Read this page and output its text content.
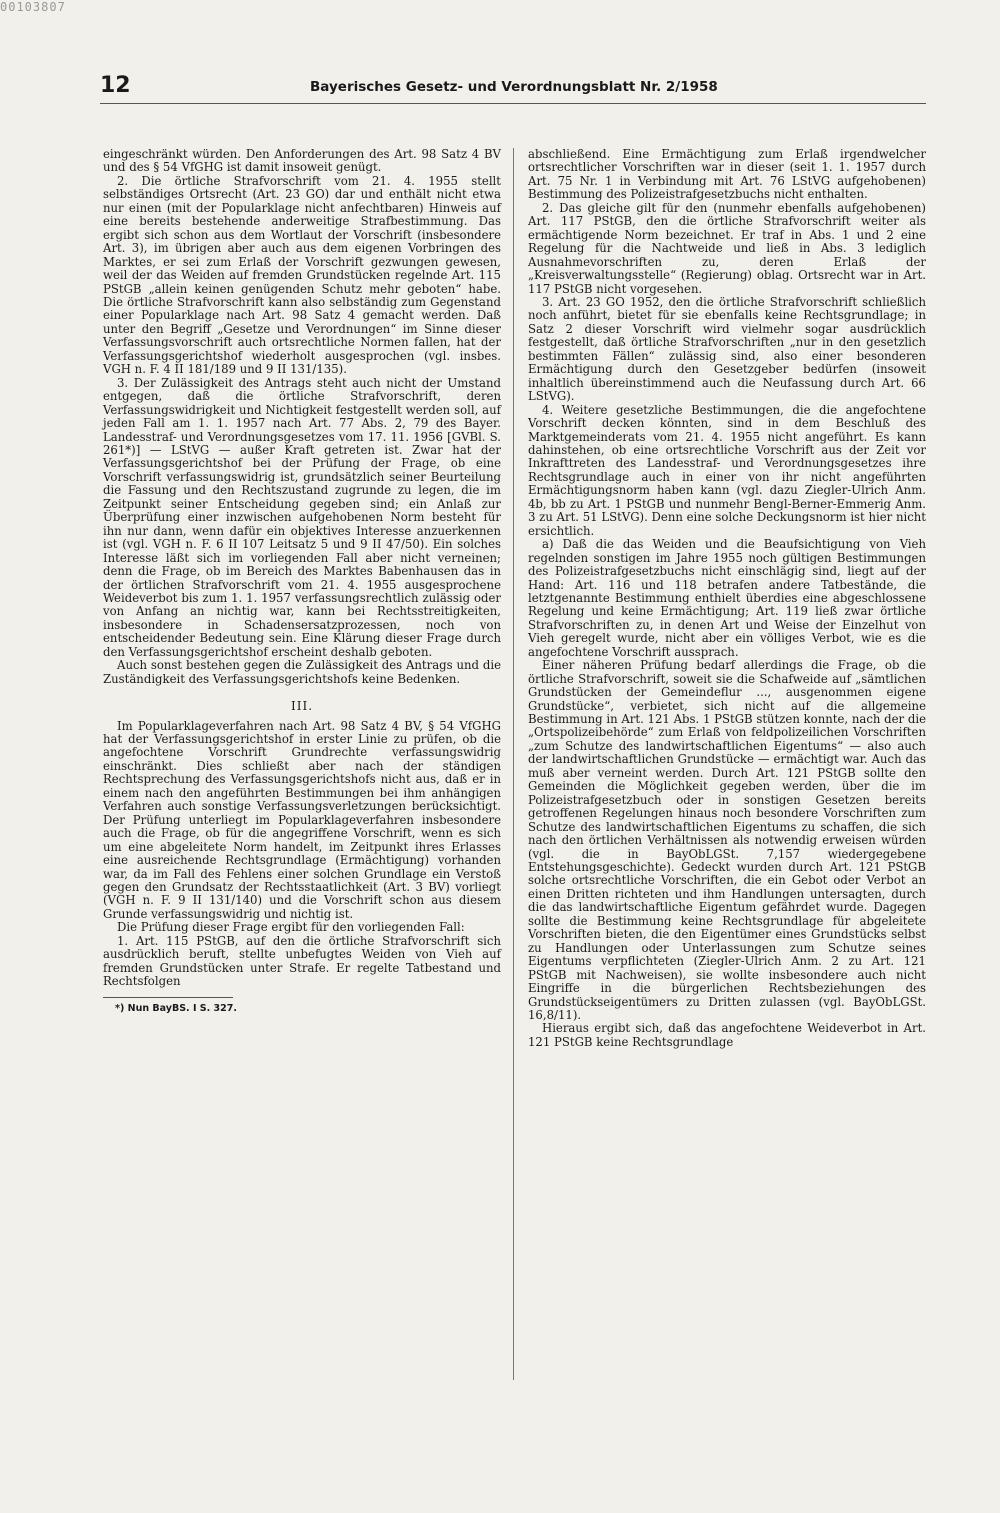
00103807
12	Bayerisches Gesetz- und Verordnungsblatt Nr. 2/1958

eingeschränkt würden. Den Anforderungen des Art. 98 Satz 4 BV und des § 54 VfGHG ist damit insoweit genügt.

2. Die örtliche Strafvorschrift vom 21. 4. 1955 stellt selbständiges Ortsrecht (Art. 23 GO) dar und enthält nicht etwa nur einen (mit der Popularklage nicht anfechtbaren) Hinweis auf eine bereits bestehende anderweitige Strafbestimmung. Das ergibt sich schon aus dem Wortlaut der Vorschrift (insbesondere Art. 3), im übrigen aber auch aus dem eigenen Vorbringen des Marktes, er sei zum Erlaß der Vorschrift gezwungen gewesen, weil der das Weiden auf fremden Grundstücken regelnde Art. 115 PStGB „allein keinen genügenden Schutz mehr geboten“ habe. Die örtliche Strafvorschrift kann also selbständig zum Gegenstand einer Popularklage nach Art. 98 Satz 4 gemacht werden. Daß unter den Begriff „Gesetze und Verordnungen“ im Sinne dieser Verfassungsvorschrift auch ortsrechtliche Normen fallen, hat der Verfassungsgerichtshof wiederholt ausgesprochen (vgl. insbes. VGH n. F. 4 II 181/189 und 9 II 131/135).

3. Der Zulässigkeit des Antrags steht auch nicht der Umstand entgegen, daß die örtliche Strafvorschrift, deren Verfassungswidrigkeit und Nichtigkeit festgestellt werden soll, auf jeden Fall am 1. 1. 1957 nach Art. 77 Abs. 2, 79 des Bayer. Landesstraf- und Verordnungsgesetzes vom 17. 11. 1956 [GVBl. S. 261*)] — LStVG — außer Kraft getreten ist. Zwar hat der Verfassungsgerichtshof bei der Prüfung der Frage, ob eine Vorschrift verfassungswidrig ist, grundsätzlich seiner Beurteilung die Fassung und den Rechtszustand zugrunde zu legen, die im Zeitpunkt seiner Entscheidung gegeben sind; ein Anlaß zur Überprüfung einer inzwischen aufgehobenen Norm besteht für ihn nur dann, wenn dafür ein objektives Interesse anzuerkennen ist (vgl. VGH n. F. 6 II 107 Leitsatz 5 und 9 II 47/50). Ein solches Interesse läßt sich im vorliegenden Fall aber nicht verneinen; denn die Frage, ob im Bereich des Marktes Babenhausen das in der örtlichen Strafvorschrift vom 21. 4. 1955 ausgesprochene Weideverbot bis zum 1. 1. 1957 verfassungsrechtlich zulässig oder von Anfang an nichtig war, kann bei Rechtsstreitigkeiten, insbesondere in Schadensersatzprozessen, noch von entscheidender Bedeutung sein. Eine Klärung dieser Frage durch den Verfassungsgerichtshof erscheint deshalb geboten.

Auch sonst bestehen gegen die Zulässigkeit des Antrags und die Zuständigkeit des Verfassungsgerichtshofs keine Bedenken.

III.

Im Popularklageverfahren nach Art. 98 Satz 4 BV, § 54 VfGHG hat der Verfassungsgerichtshof in erster Linie zu prüfen, ob die angefochtene Vorschrift Grundrechte verfassungswidrig einschränkt. Dies schließt aber nach der ständigen Rechtsprechung des Verfassungsgerichtshofs nicht aus, daß er in einem nach den angeführten Bestimmungen bei ihm anhängigen Verfahren auch sonstige Verfassungsverletzungen berücksichtigt. Der Prüfung unterliegt im Popularklageverfahren insbesondere auch die Frage, ob für die angegriffene Vorschrift, wenn es sich um eine abgeleitete Norm handelt, im Zeitpunkt ihres Erlasses eine ausreichende Rechtsgrundlage (Ermächtigung) vorhanden war, da im Fall des Fehlens einer solchen Grundlage ein Verstoß gegen den Grundsatz der Rechtsstaatlichkeit (Art. 3 BV) vorliegt (VGH n. F. 9 II 131/140) und die Vorschrift schon aus diesem Grunde verfassungswidrig und nichtig ist.

Die Prüfung dieser Frage ergibt für den vorliegenden Fall:

1. Art. 115 PStGB, auf den die örtliche Strafvorschrift sich ausdrücklich beruft, stellte unbefugtes Weiden von Vieh auf fremden Grundstücken unter Strafe. Er regelte Tatbestand und Rechtsfolgen

*) Nun BayBS. I S. 327.

abschließend. Eine Ermächtigung zum Erlaß irgendwelcher ortsrechtlicher Vorschriften war in dieser (seit 1. 1. 1957 durch Art. 75 Nr. 1 in Verbindung mit Art. 76 LStVG aufgehobenen) Bestimmung des Polizeistrafgesetzbuchs nicht enthalten.

2. Das gleiche gilt für den (nunmehr ebenfalls aufgehobenen) Art. 117 PStGB, den die örtliche Strafvorschrift weiter als ermächtigende Norm bezeichnet. Er traf in Abs. 1 und 2 eine Regelung für die Nachtweide und ließ in Abs. 3 lediglich Ausnahmevorschriften zu, deren Erlaß der „Kreisverwaltungsstelle“ (Regierung) oblag. Ortsrecht war in Art. 117 PStGB nicht vorgesehen.

3. Art. 23 GO 1952, den die örtliche Strafvorschrift schließlich noch anführt, bietet für sie ebenfalls keine Rechtsgrundlage; in Satz 2 dieser Vorschrift wird vielmehr sogar ausdrücklich festgestellt, daß örtliche Strafvorschriften „nur in den gesetzlich bestimmten Fällen“ zulässig sind, also einer besonderen Ermächtigung durch den Gesetzgeber bedürfen (insoweit inhaltlich übereinstimmend auch die Neufassung durch Art. 66 LStVG).

4. Weitere gesetzliche Bestimmungen, die die angefochtene Vorschrift decken könnten, sind in dem Beschluß des Marktgemeinderats vom 21. 4. 1955 nicht angeführt. Es kann dahinstehen, ob eine ortsrechtliche Vorschrift aus der Zeit vor Inkrafttreten des Landesstraf- und Verordnungsgesetzes ihre Rechtsgrundlage auch in einer von ihr nicht angeführten Ermächtigungsnorm haben kann (vgl. dazu Ziegler-Ulrich Anm. 4b, bb zu Art. 1 PStGB und nunmehr Bengl-Berner-Emmerig Anm. 3 zu Art. 51 LStVG). Denn eine solche Deckungsnorm ist hier nicht ersichtlich.

a) Daß die das Weiden und die Beaufsichtigung von Vieh regelnden sonstigen im Jahre 1955 noch gültigen Bestimmungen des Polizeistrafgesetzbuchs nicht einschlägig sind, liegt auf der Hand: Art. 116 und 118 betrafen andere Tatbestände, die letztgenannte Bestimmung enthielt überdies eine abgeschlossene Regelung und keine Ermächtigung; Art. 119 ließ zwar örtliche Strafvorschriften zu, in denen Art und Weise der Einzelhut von Vieh geregelt wurde, nicht aber ein völliges Verbot, wie es die angefochtene Vorschrift aussprach.

Einer näheren Prüfung bedarf allerdings die Frage, ob die örtliche Strafvorschrift, soweit sie die Schafweide auf „sämtlichen Grundstücken der Gemeindeflur ..., ausgenommen eigene Grundstücke“, verbietet, sich nicht auf die allgemeine Bestimmung in Art. 121 Abs. 1 PStGB stützen konnte, nach der die „Ortspolizeibehörde“ zum Erlaß von feldpolizeilichen Vorschriften „zum Schutze des landwirtschaftlichen Eigentums“ — also auch der landwirtschaftlichen Grundstücke — ermächtigt war. Auch das muß aber verneint werden. Durch Art. 121 PStGB sollte den Gemeinden die Möglichkeit gegeben werden, über die im Polizeistrafgesetzbuch oder in sonstigen Gesetzen bereits getroffenen Regelungen hinaus noch besondere Vorschriften zum Schutze des landwirtschaftlichen Eigentums zu schaffen, die sich nach den örtlichen Verhältnissen als notwendig erweisen würden (vgl. die in BayObLGSt. 7,157 wiedergegebene Entstehungsgeschichte). Gedeckt wurden durch Art. 121 PStGB solche ortsrechtliche Vorschriften, die ein Gebot oder Verbot an einen Dritten richteten und ihm Handlungen untersagten, durch die das landwirtschaftliche Eigentum gefährdet wurde. Dagegen sollte die Bestimmung keine Rechtsgrundlage für abgeleitete Vorschriften bieten, die den Eigentümer eines Grundstücks selbst zu Handlungen oder Unterlassungen zum Schutze seines Eigentums verpflichteten (Ziegler-Ulrich Anm. 2 zu Art. 121 PStGB mit Nachweisen), sie wollte insbesondere auch nicht Eingriffe in die bürgerlichen Rechtsbeziehungen des Grundstückseigentümers zu Dritten zulassen (vgl. BayObLGSt. 16,8/11).

Hieraus ergibt sich, daß das angefochtene Weideverbot in Art. 121 PStGB keine Rechtsgrundlage
